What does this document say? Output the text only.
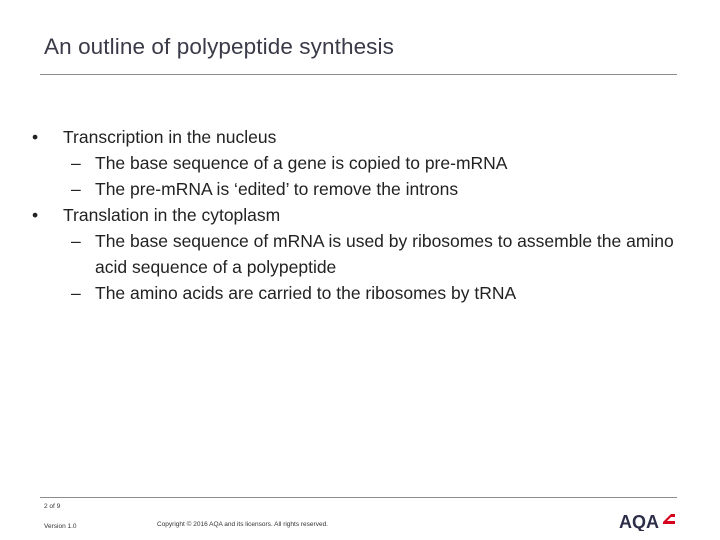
An outline of polypeptide synthesis
• Transcription in the nucleus
– The base sequence of a gene is copied to pre-mRNA
– The pre-mRNA is ‘edited’ to remove the introns
• Translation in the cytoplasm
– The base sequence of mRNA is used by ribosomes to assemble the amino acid sequence of a polypeptide
– The amino acids are carried to the ribosomes by tRNA
2 of 9
Version 1.0	Copyright © 2016 AQA and its licensors. All rights reserved.	AQA
